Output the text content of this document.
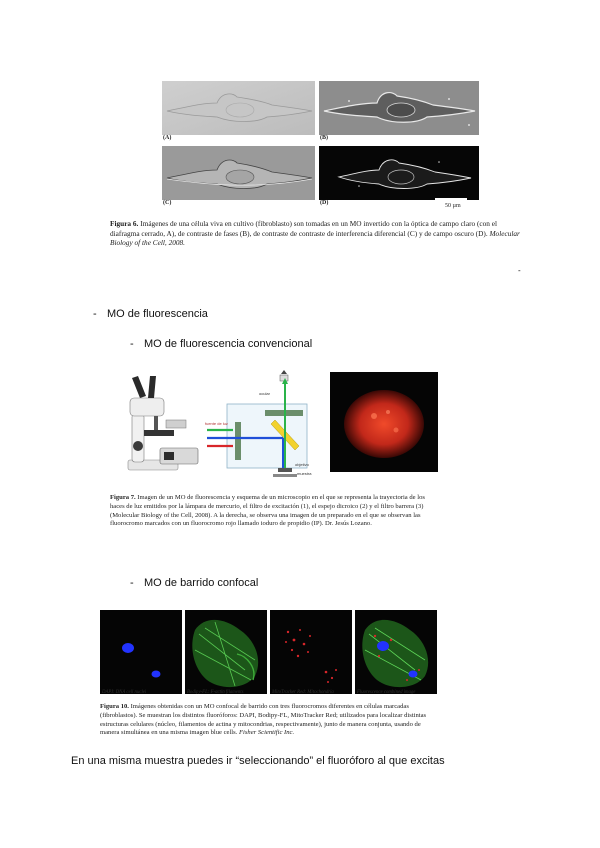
(A)	(B)
(C)	(D)	50 µm
Figura 6. Imágenes de una célula viva en cultivo (fibroblasto) son tomadas en un MO invertido con la óptica de campo claro (con el diafragma cerrado, A), de contraste de fases (B), de contraste de contraste de interferencia diferencial (C) y de campo oscuro (D). Molecular Biology of the Cell, 2008.
-
- MO de fluorescencia
- MO de fluorescencia convencional
ocular
fuente de luz
objetivo
muestra
Figura 7. Imagen de un MO de fluorescencia y esquema de un microscopio en el que se representa la trayectoria de los haces de luz emitidos por la lámpara de mercurio, el filtro de excitación (1), el espejo dicroico (2) y el filtro barrera (3) (Molecular Biology of the Cell, 2008). A la derecha, se observa una imagen de un preparado en el que se observan las fluorocromo marcados con un fluorocromo rojo llamado ioduro de propidio (IP). Dr. Jesús Lozano.
- MO de barrido confocal
DAPI: DNA cell nuclei	Bodipy-FL: F-actin filaments	MitoTracker Red: Mitochondria	Fluorescence combined image
Figura 10. Imágenes obtenidas con un MO confocal de barrido con tres fluorocromos diferentes en células marcadas (fibroblastos). Se muestran los distintos fluoróforos: DAPI, Bodipy-FL, MitoTracker Red; utilizados para localizar distintas estructuras celulares (núcleo, filamentos de actina y mitocondrias, respectivamente), junto de manera conjunta, usando de manera simultánea en una misma imagen blue cells. Fisher Scientific Inc.
En una misma muestra puedes ir “seleccionando” el fluoróforo al que excitas
